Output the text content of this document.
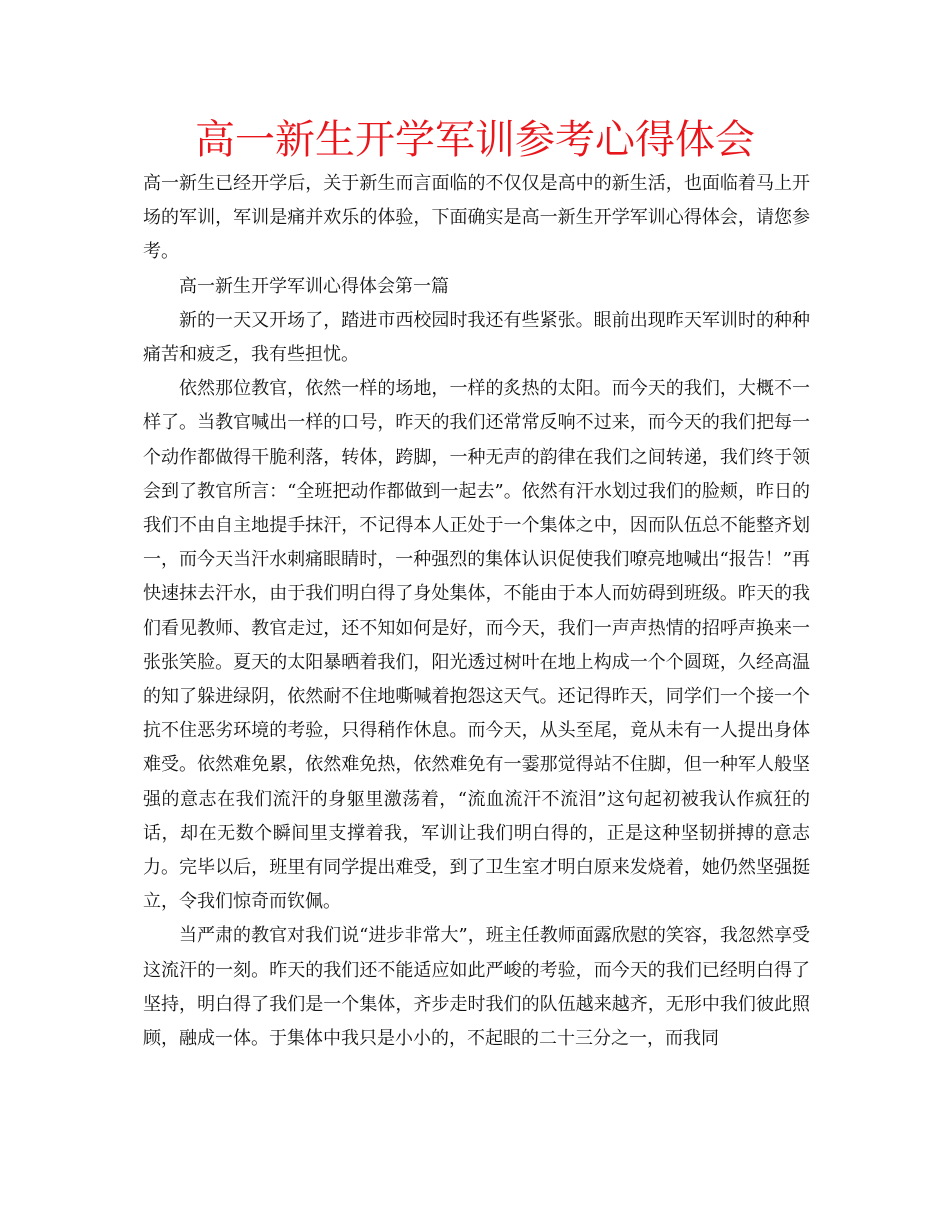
高一新生开学军训参考心得体会

高一新生已经开学后，关于新生而言面临的不仅仅是高中的新生活，也面临着马上开场的军训，军训是痛并欢乐的体验，下面确实是高一新生开学军训心得体会，请您参考。

高一新生开学军训心得体会第一篇

新的一天又开场了，踏进市西校园时我还有些紧张。眼前出现昨天军训时的种种痛苦和疲乏，我有些担忧。

依然那位教官，依然一样的场地，一样的炙热的太阳。而今天的我们，大概不一样了。当教官喊出一样的口号，昨天的我们还常常反响不过来，而今天的我们把每一个动作都做得干脆利落，转体，跨脚，一种无声的韵律在我们之间转递，我们终于领会到了教官所言：“全班把动作都做到一起去”。依然有汗水划过我们的脸颊，昨日的我们不由自主地提手抹汗，不记得本人正处于一个集体之中，因而队伍总不能整齐划一，而今天当汗水刺痛眼睛时，一种强烈的集体认识促使我们嘹亮地喊出“报告！”再快速抹去汗水，由于我们明白得了身处集体，不能由于本人而妨碍到班级。昨天的我们看见教师、教官走过，还不知如何是好，而今天，我们一声声热情的招呼声换来一张张笑脸。夏天的太阳暴晒着我们，阳光透过树叶在地上构成一个个圆斑，久经高温的知了躲进绿阴，依然耐不住地嘶喊着抱怨这天气。还记得昨天，同学们一个接一个抗不住恶劣环境的考验，只得稍作休息。而今天，从头至尾，竟从未有一人提出身体难受。依然难免累，依然难免热，依然难免有一霎那觉得站不住脚，但一种军人般坚强的意志在我们流汗的身躯里激荡着，“流血流汗不流泪”这句起初被我认作疯狂的话，却在无数个瞬间里支撑着我，军训让我们明白得的，正是这种坚韧拼搏的意志力。完毕以后，班里有同学提出难受，到了卫生室才明白原来发烧着，她仍然坚强挺立，令我们惊奇而钦佩。

当严肃的教官对我们说“进步非常大”，班主任教师面露欣慰的笑容，我忽然享受这流汗的一刻。昨天的我们还不能适应如此严峻的考验，而今天的我们已经明白得了坚持，明白得了我们是一个集体，齐步走时我们的队伍越来越齐，无形中我们彼此照顾，融成一体。于集体中我只是小小的，不起眼的二十三分之一，而我同
